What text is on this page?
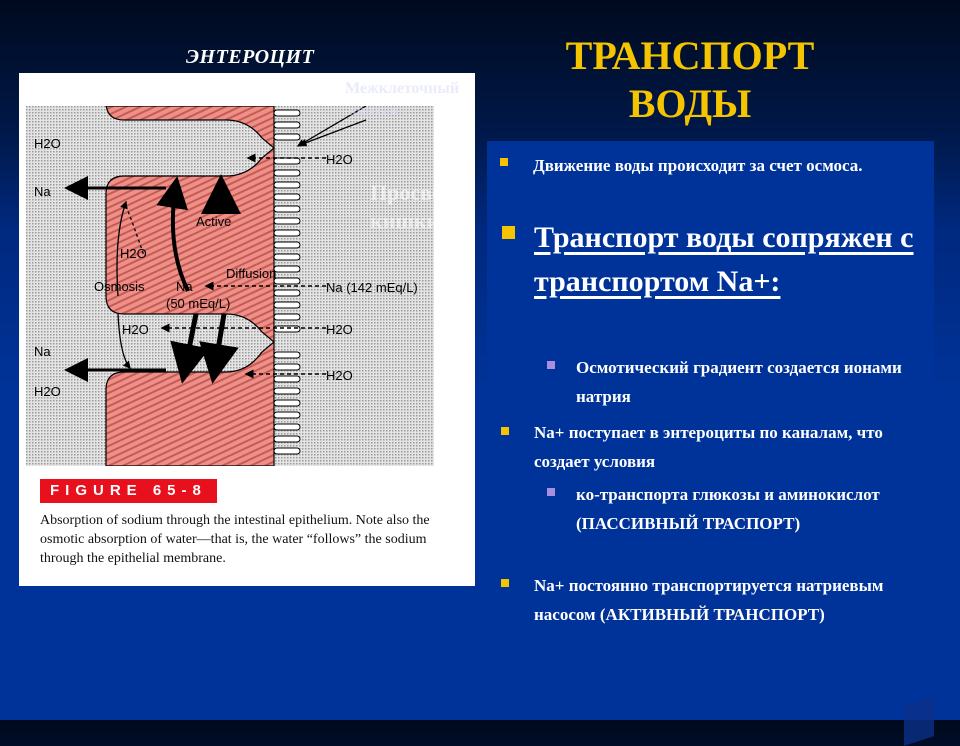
ЭНТЕРОЦИТ	ТРАНСПОРТ
ВОДЫ
H2O
Na
H2O
Active
H2O
Diffusion
Osmosis Na
(50 mEq/L)
Na (142 mEq/L)
H2O	H2O
Na
H2O
H2O
FIGURE 65-8
Absorption of sodium through the intestinal epithelium. Note also the osmotic absorption of water—that is, the water “follows” the sodium through the epithelial membrane.
Межклеточный
контакт
Просвет
кишки
Движение воды происходит за счет осмоса.
Транспорт воды сопряжен с транспортом Na+:
Осмотический градиент создается ионами натрия
Na+ поступает в энтероциты по каналам, что создает условия
ко-транспорта глюкозы и аминокислот (ПАССИВНЫЙ ТРАСПОРТ)
Na+ постоянно транспортируется натриевым насосом (АКТИВНЫЙ ТРАНСПОРТ)
